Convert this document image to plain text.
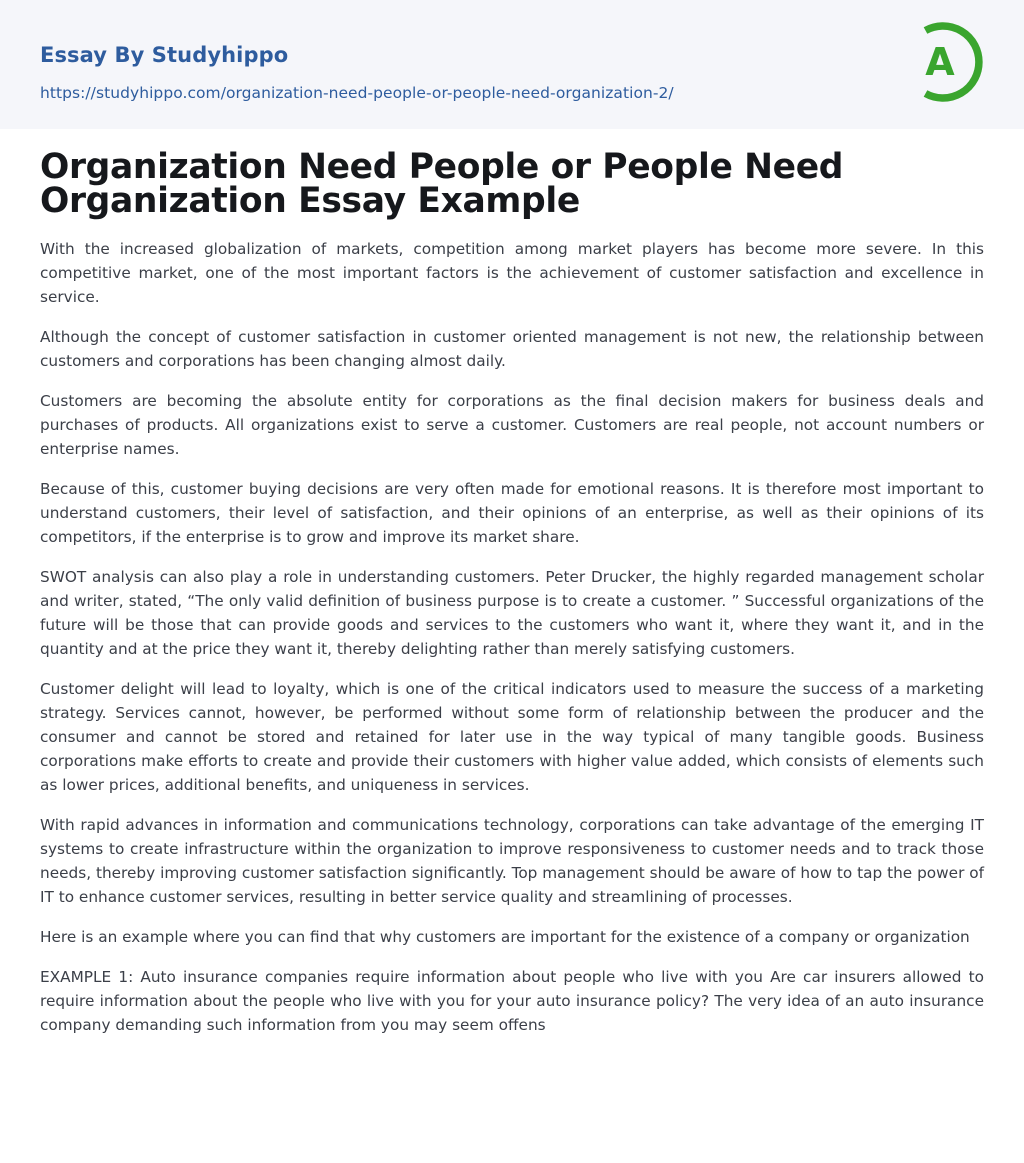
Essay By Studyhippo
https://studyhippo.com/organization-need-people-or-people-need-organization-2/
A
Organization Need People or People Need Organization Essay Example

With the increased globalization of markets, competition among market players has become more severe. In this competitive market, one of the most important factors is the achievement of customer satisfaction and excellence in service.

Although the concept of customer satisfaction in customer oriented management is not new, the relationship between customers and corporations has been changing almost daily.

Customers are becoming the absolute entity for corporations as the final decision makers for business deals and purchases of products. All organizations exist to serve a customer. Customers are real people, not account numbers or enterprise names.

Because of this, customer buying decisions are very often made for emotional reasons. It is therefore most important to understand customers, their level of satisfaction, and their opinions of an enterprise, as well as their opinions of its competitors, if the enterprise is to grow and improve its market share.

SWOT analysis can also play a role in understanding customers. Peter Drucker, the highly regarded management scholar and writer, stated, “The only valid definition of business purpose is to create a customer. ” Successful organizations of the future will be those that can provide goods and services to the customers who want it, where they want it, and in the quantity and at the price they want it, thereby delighting rather than merely satisfying customers.

Customer delight will lead to loyalty, which is one of the critical indicators used to measure the success of a marketing strategy. Services cannot, however, be performed without some form of relationship between the producer and the consumer and cannot be stored and retained for later use in the way typical of many tangible goods. Business corporations make efforts to create and provide their customers with higher value added, which consists of elements such as lower prices, additional benefits, and uniqueness in services.

With rapid advances in information and communications technology, corporations can take advantage of the emerging IT systems to create infrastructure within the organization to improve responsiveness to customer needs and to track those needs, thereby improving customer satisfaction significantly. Top management should be aware of how to tap the power of IT to enhance customer services, resulting in better service quality and streamlining of processes.

Here is an example where you can find that why customers are important for the existence of a company or organization

EXAMPLE 1: Auto insurance companies require information about people who live with you Are car insurers allowed to require information about the people who live with you for your auto insurance policy? The very idea of an auto insurance company demanding such information from you may seem offens
